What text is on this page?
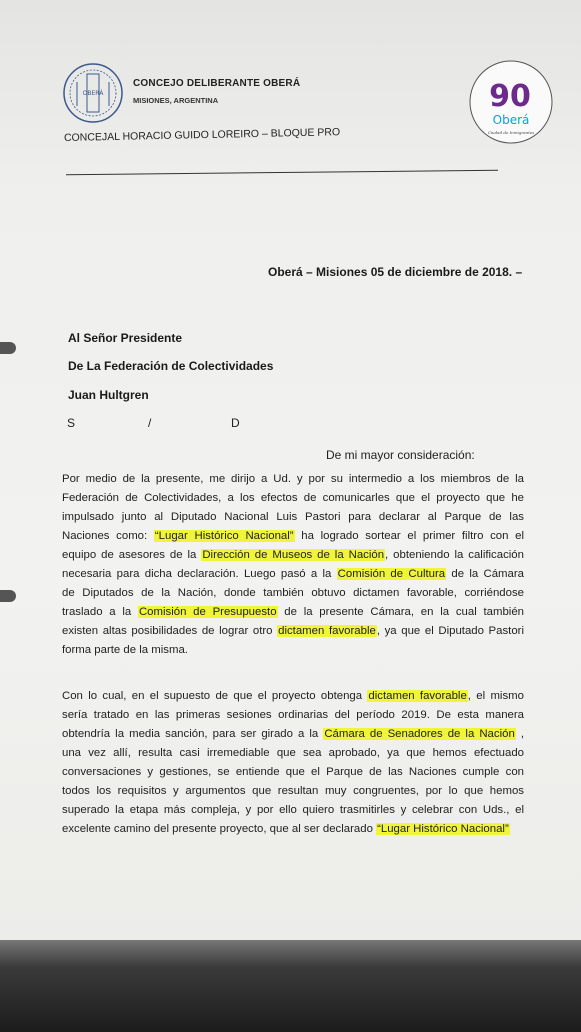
OBERÁ
CONCEJO DELIBERANTE OBERÁ
MISIONES, ARGENTINA
CONCEJAL HORACIO GUIDO LOREIRO – BLOQUE PRO
90
Oberá
Ciudad de Inmigrantes
Oberá – Misiones 05 de diciembre de 2018. –
Al Señor Presidente
De La Federación de Colectividades
Juan Hultgren
S	/	D
De mi mayor consideración:
Por medio de la presente, me dirijo a Ud. y por su intermedio a los miembros de la
Federación de Colectividades, a los efectos de comunicarles que el proyecto que he
impulsado junto al Diputado Nacional Luis Pastori para declarar al Parque de las
Naciones como: “Lugar Histórico Nacional” ha logrado sortear el primer filtro con el
equipo de asesores de la Dirección de Museos de la Nación, obteniendo la calificación
necesaria para dicha declaración. Luego pasó a la Comisión de Cultura de la Cámara
de Diputados de la Nación, donde también obtuvo dictamen favorable, corriéndose
traslado a la Comisión de Presupuesto de la presente Cámara, en la cual también
existen altas posibilidades de lograr otro dictamen favorable, ya que el Diputado Pastori
forma parte de la misma.
Con lo cual, en el supuesto de que el proyecto obtenga dictamen favorable, el mismo
sería tratado en las primeras sesiones ordinarias del período 2019. De esta manera
obtendría la media sanción, para ser girado a la Cámara de Senadores de la Nación ,
una vez allí, resulta casi irremediable que sea aprobado, ya que hemos efectuado
conversaciones y gestiones, se entiende que el Parque de las Naciones cumple con
todos los requisitos y argumentos que resultan muy congruentes, por lo que hemos
superado la etapa más compleja, y por ello quiero trasmitirles y celebrar con Uds., el
excelente camino del presente proyecto, que al ser declarado “Lugar Histórico Nacional”
